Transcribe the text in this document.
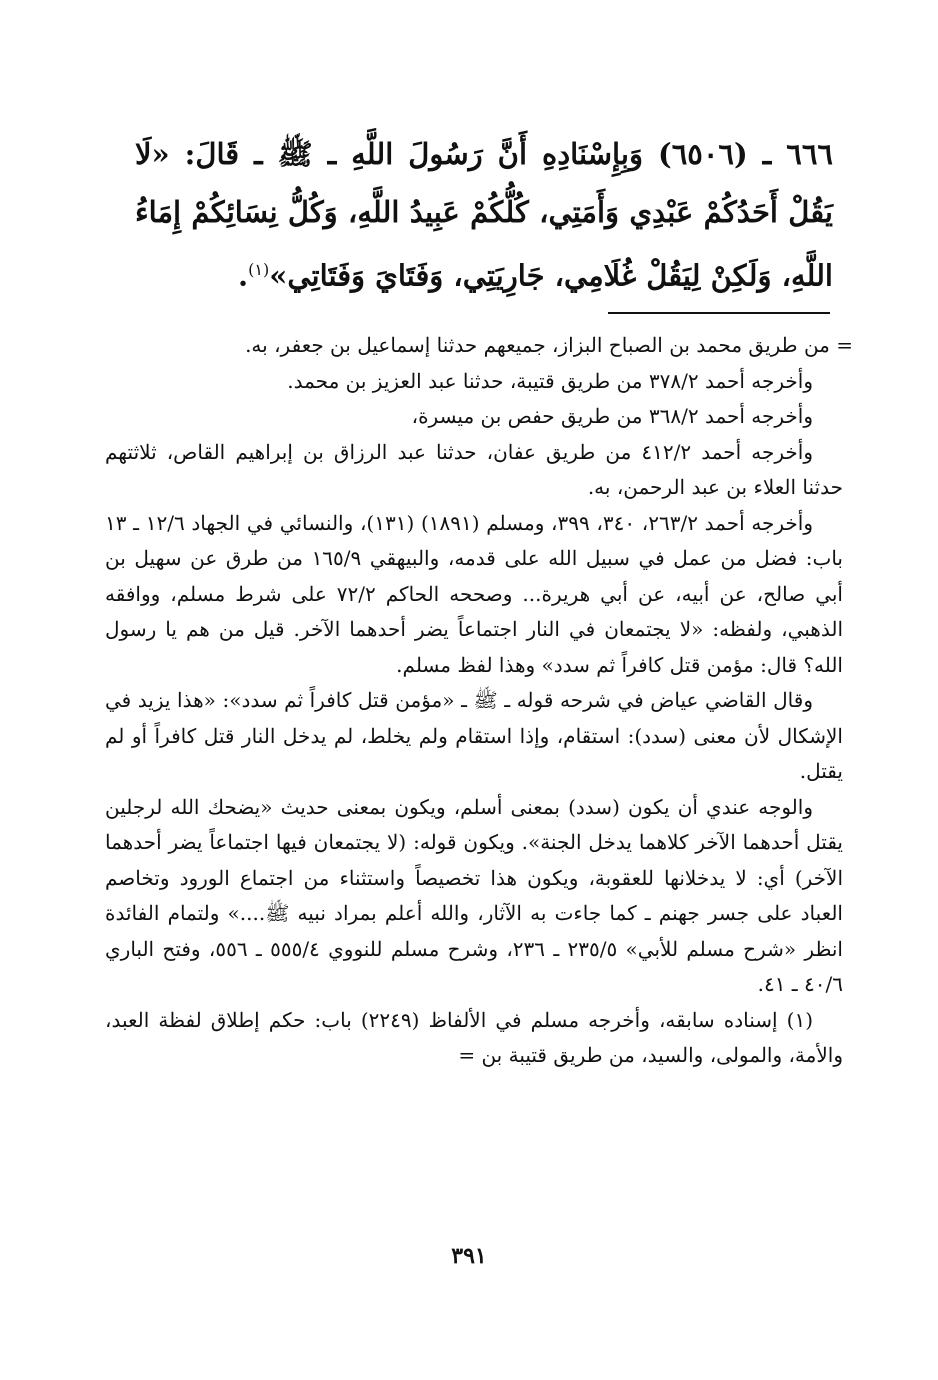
٦٦٦ ـ (٦٥٠٦) وَبِإِسْنَادِهِ أَنَّ رَسُولَ اللَّهِ ـ ﷺ ـ قَالَ: «لَا يَقُلْ أَحَدُكُمْ عَبْدِي وَأَمَتِي، كُلُّكُمْ عَبِيدُ اللَّهِ، وَكُلُّ نِسَائِكُمْ إِمَاءُ اللَّهِ، وَلَكِنْ لِيَقُلْ غُلَامِي، جَارِيَتِي، وَفَتَايَ وَفَتَاتِي»$^{(١)}$.

= من طريق محمد بن الصباح البزاز، جميعهم حدثنا إسماعيل بن جعفر، به.

وأخرجه أحمد ٣٧٨/٢ من طريق قتيبة، حدثنا عبد العزيز بن محمد.

وأخرجه أحمد ٣٦٨/٢ من طريق حفص بن ميسرة،

وأخرجه أحمد ٤١٢/٢ من طريق عفان، حدثنا عبد الرزاق بن إبراهيم القاص، ثلاثتهم حدثنا العلاء بن عبد الرحمن، به.

وأخرجه أحمد ٢٦٣/٢، ٣٤٠، ٣٩٩، ومسلم (١٨٩١) (١٣١)، والنسائي في الجهاد ١٢/٦ ـ ١٣ باب: فضل من عمل في سبيل الله على قدمه، والبيهقي ١٦٥/٩ من طرق عن سهيل بن أبي صالح، عن أبيه، عن أبي هريرة... وصححه الحاكم ٧٢/٢ على شرط مسلم، ووافقه الذهبي، ولفظه: «لا يجتمعان في النار اجتماعاً يضر أحدهما الآخر. قيل من هم يا رسول الله؟ قال: مؤمن قتل كافراً ثم سدد» وهذا لفظ مسلم.

وقال القاضي عياض في شرحه قوله ـ ﷺ ـ «مؤمن قتل كافراً ثم سدد»: «هذا يزيد في الإشكال لأن معنى (سدد): استقام، وإذا استقام ولم يخلط، لم يدخل النار قتل كافراً أو لم يقتل.

والوجه عندي أن يكون (سدد) بمعنى أسلم، ويكون بمعنى حديث «يضحك الله لرجلين يقتل أحدهما الآخر كلاهما يدخل الجنة». ويكون قوله: (لا يجتمعان فيها اجتماعاً يضر أحدهما الآخر) أي: لا يدخلانها للعقوبة، ويكون هذا تخصيصاً واستثناء من اجتماع الورود وتخاصم العباد على جسر جهنم ـ كما جاءت به الآثار، والله أعلم بمراد نبيه ﷺ....» ولتمام الفائدة انظر «شرح مسلم للأبي» ٢٣٥/٥ ـ ٢٣٦، وشرح مسلم للنووي ٥٥٥/٤ ـ ٥٥٦، وفتح الباري ٤٠/٦ ـ ٤١.

(١) إسناده سابقه، وأخرجه مسلم في الألفاظ (٢٢٤٩) باب: حكم إطلاق لفظة العبد، والأمة، والمولى، والسيد، من طريق قتيبة بن =

٣٩١
